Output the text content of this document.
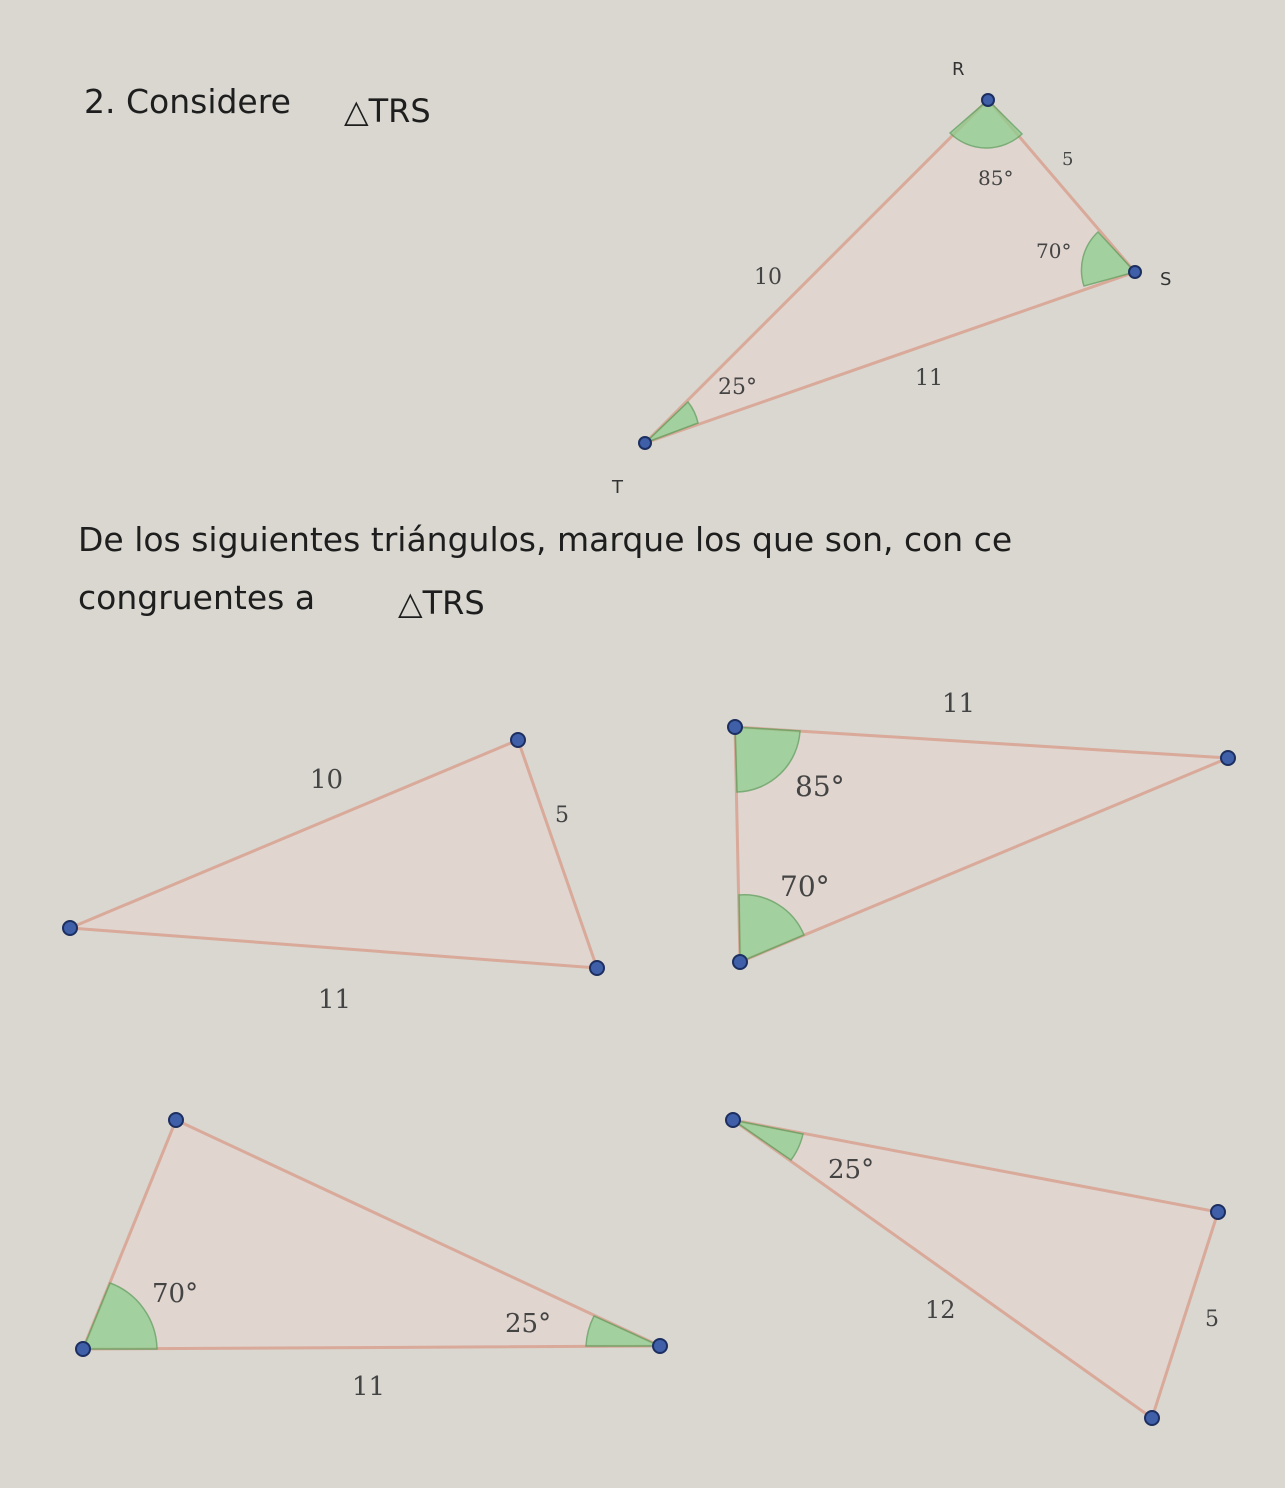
2. Considere △TRS
De los siguientes triángulos, marque los que son, con ce
congruentes a	△TRS
R
S
T
5
10
11
85°
70°
25°
10
5
11
11
85°
70°
70°
25°
11
25°
12	5
